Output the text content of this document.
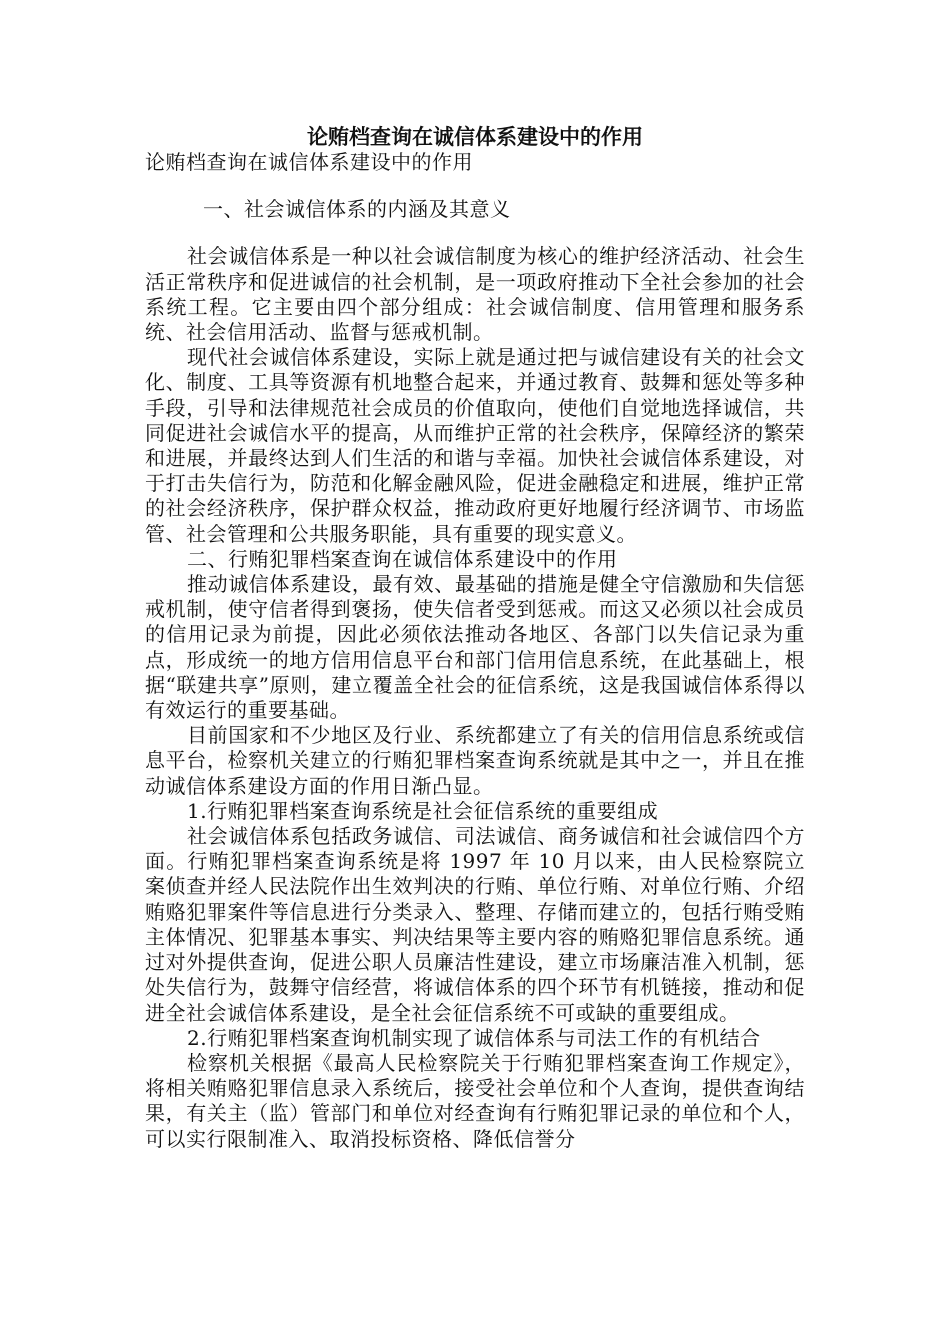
论贿档查询在诚信体系建设中的作用

论贿档查询在诚信体系建设中的作用

一、社会诚信体系的内涵及其意义

社会诚信体系是一种以社会诚信制度为核心的维护经济活动、社会生活正常秩序和促进诚信的社会机制，是一项政府推动下全社会参加的社会系统工程。它主要由四个部分组成：社会诚信制度、信用管理和服务系统、社会信用活动、监督与惩戒机制。

现代社会诚信体系建设，实际上就是通过把与诚信建设有关的社会文化、制度、工具等资源有机地整合起来，并通过教育、鼓舞和惩处等多种手段，引导和法律规范社会成员的价值取向，使他们自觉地选择诚信，共同促进社会诚信水平的提高，从而维护正常的社会秩序，保障经济的繁荣和进展，并最终达到人们生活的和谐与幸福。加快社会诚信体系建设，对于打击失信行为，防范和化解金融风险，促进金融稳定和进展，维护正常的社会经济秩序，保护群众权益，推动政府更好地履行经济调节、市场监管、社会管理和公共服务职能，具有重要的现实意义。

二、行贿犯罪档案查询在诚信体系建设中的作用

推动诚信体系建设，最有效、最基础的措施是健全守信激励和失信惩戒机制，使守信者得到褒扬，使失信者受到惩戒。而这又必须以社会成员的信用记录为前提，因此必须依法推动各地区、各部门以失信记录为重点，形成统一的地方信用信息平台和部门信用信息系统，在此基础上，根据“联建共享”原则，建立覆盖全社会的征信系统，这是我国诚信体系得以有效运行的重要基础。

目前国家和不少地区及行业、系统都建立了有关的信用信息系统或信息平台，检察机关建立的行贿犯罪档案查询系统就是其中之一，并且在推动诚信体系建设方面的作用日渐凸显。

1.行贿犯罪档案查询系统是社会征信系统的重要组成

社会诚信体系包括政务诚信、司法诚信、商务诚信和社会诚信四个方面。行贿犯罪档案查询系统是将 1997 年 10 月以来，由人民检察院立案侦查并经人民法院作出生效判决的行贿、单位行贿、对单位行贿、介绍贿赂犯罪案件等信息进行分类录入、整理、存储而建立的，包括行贿受贿主体情况、犯罪基本事实、判决结果等主要内容的贿赂犯罪信息系统。通过对外提供查询，促进公职人员廉洁性建设，建立市场廉洁准入机制，惩处失信行为，鼓舞守信经营，将诚信体系的四个环节有机链接，推动和促进全社会诚信体系建设，是全社会征信系统不可或缺的重要组成。

2.行贿犯罪档案查询机制实现了诚信体系与司法工作的有机结合

检察机关根据《最高人民检察院关于行贿犯罪档案查询工作规定》，将相关贿赂犯罪信息录入系统后，接受社会单位和个人查询，提供查询结果，有关主（监）管部门和单位对经查询有行贿犯罪记录的单位和个人，可以实行限制准入、取消投标资格、降低信誉分
